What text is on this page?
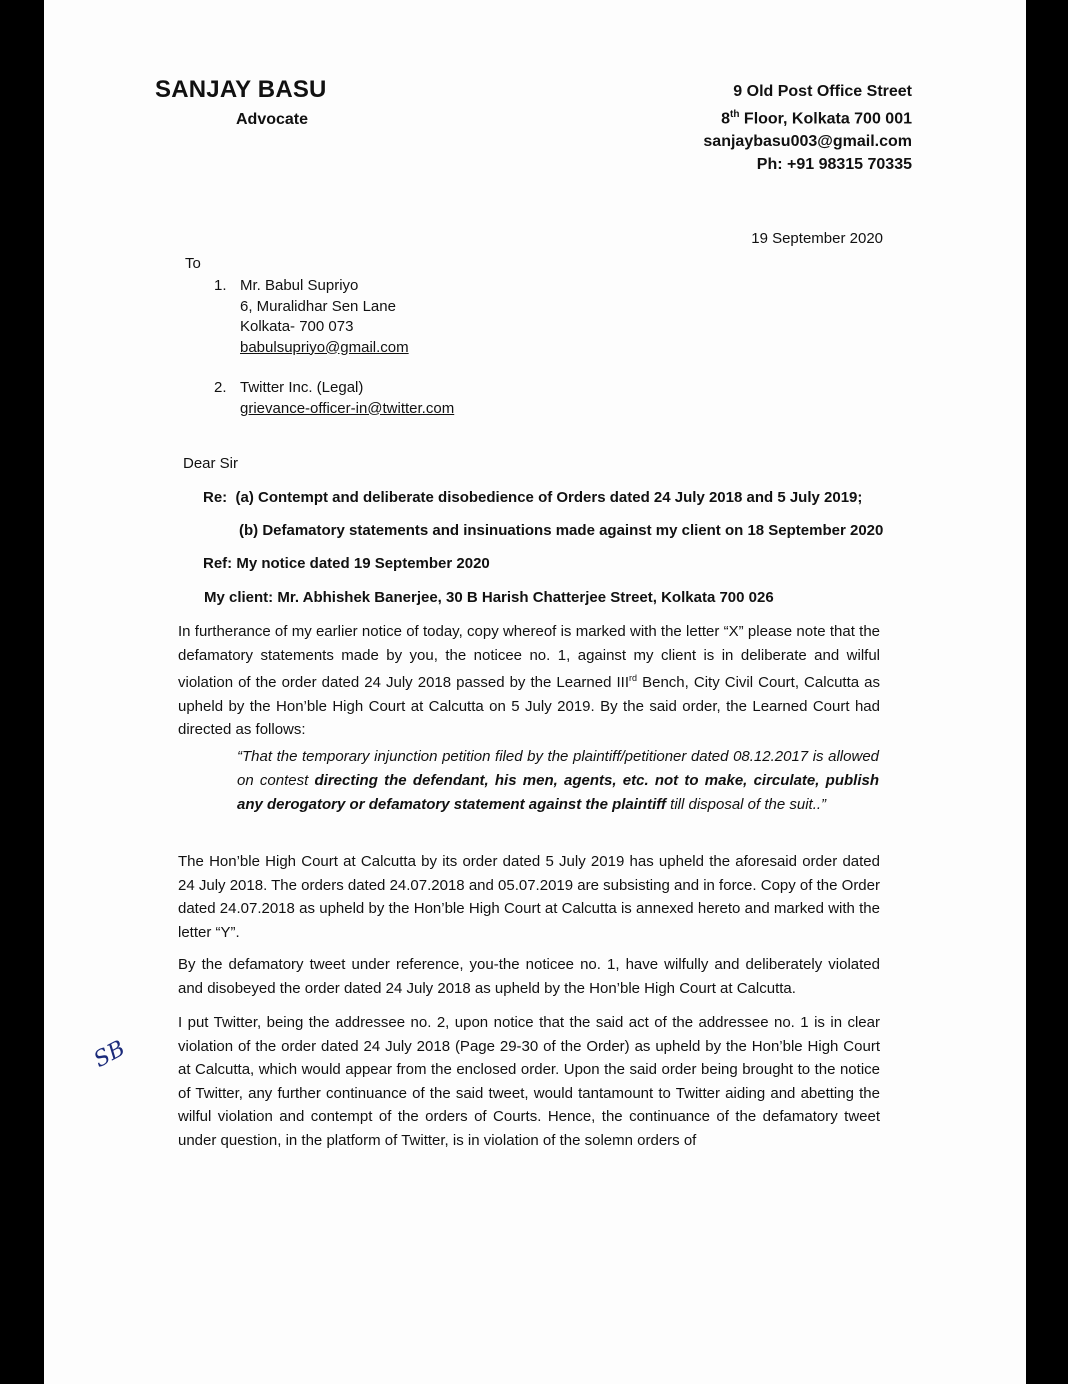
SANJAY BASU
Advocate
9 Old Post Office Street
8th Floor, Kolkata 700 001
sanjaybasu003@gmail.com
Ph: +91 98315 70335
19 September 2020
To
1. Mr. Babul Supriyo
6, Muralidhar Sen Lane
Kolkata- 700 073
babulsupriyo@gmail.com
2. Twitter Inc. (Legal)
grievance-officer-in@twitter.com
Dear Sir
Re: (a) Contempt and deliberate disobedience of Orders dated 24 July 2018 and 5 July 2019;
(b) Defamatory statements and insinuations made against my client on 18 September 2020
Ref: My notice dated 19 September 2020
My client: Mr. Abhishek Banerjee, 30 B Harish Chatterjee Street, Kolkata 700 026
In furtherance of my earlier notice of today, copy whereof is marked with the letter “X” please note that the defamatory statements made by you, the noticee no. 1, against my client is in deliberate and wilful violation of the order dated 24 July 2018 passed by the Learned IIIrd Bench, City Civil Court, Calcutta as upheld by the Hon’ble High Court at Calcutta on 5 July 2019. By the said order, the Learned Court had directed as follows:
“That the temporary injunction petition filed by the plaintiff/petitioner dated 08.12.2017 is allowed on contest directing the defendant, his men, agents, etc. not to make, circulate, publish any derogatory or defamatory statement against the plaintiff till disposal of the suit..”
The Hon’ble High Court at Calcutta by its order dated 5 July 2019 has upheld the aforesaid order dated 24 July 2018. The orders dated 24.07.2018 and 05.07.2019 are subsisting and in force. Copy of the Order dated 24.07.2018 as upheld by the Hon’ble High Court at Calcutta is annexed hereto and marked with the letter “Y”.
By the defamatory tweet under reference, you-the noticee no. 1, have wilfully and deliberately violated and disobeyed the order dated 24 July 2018 as upheld by the Hon’ble High Court at Calcutta.
I put Twitter, being the addressee no. 2, upon notice that the said act of the addressee no. 1 is in clear violation of the order dated 24 July 2018 (Page 29-30 of the Order) as upheld by the Hon’ble High Court at Calcutta, which would appear from the enclosed order. Upon the said order being brought to the notice of Twitter, any further continuance of the said tweet, would tantamount to Twitter aiding and abetting the wilful violation and contempt of the orders of Courts. Hence, the continuance of the defamatory tweet under question, in the platform of Twitter, is in violation of the solemn orders of
SB
